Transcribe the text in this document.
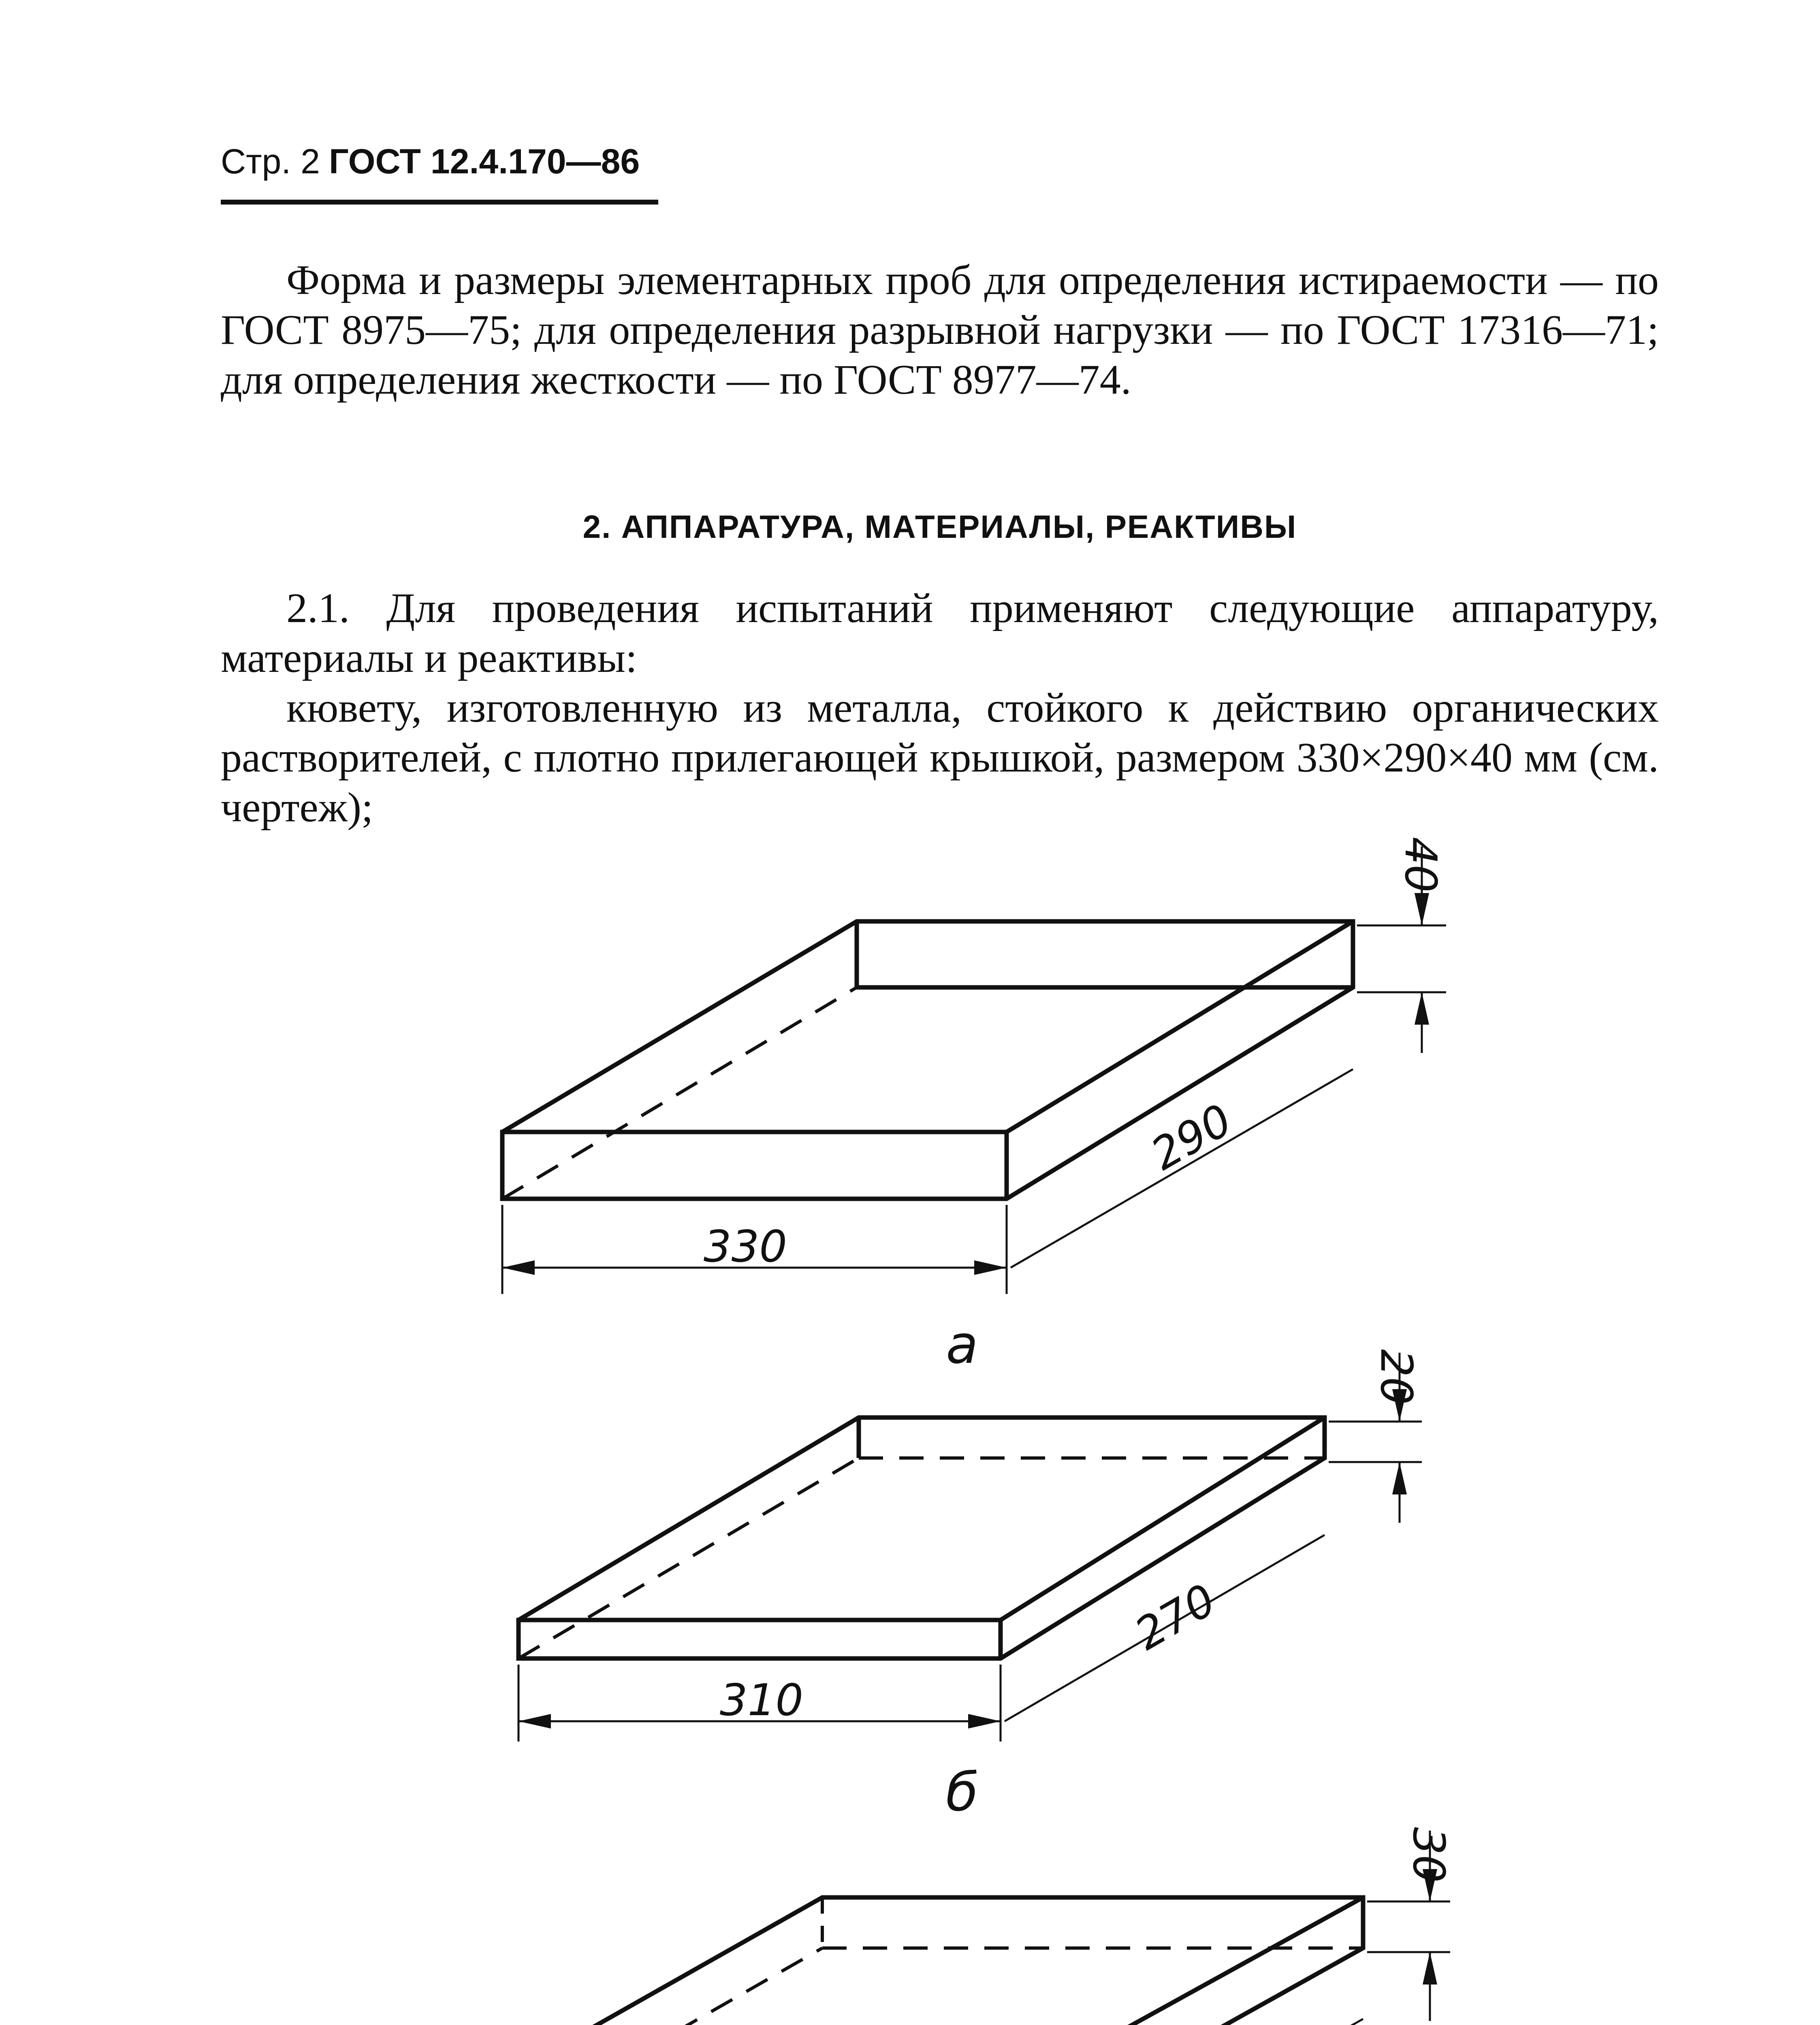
Стр. 2 ГОСТ 12.4.170—86

Форма и размеры элементарных проб для определения истираемости — по ГОСТ 8975—75; для определения разрывной нагрузки — по ГОСТ 17316—71; для определения жесткости — по ГОСТ 8977—74.

2. АППАРАТУРА, МАТЕРИАЛЫ, РЕАКТИВЫ

2.1. Для проведения испытаний применяют следующие аппаратуру, материалы и реактивы:

кювету, изготовленную из металла, стойкого к действию органических растворителей, с плотно прилегающей крышкой, размером 330×290×40 мм (см. чертеж);

330
290
40
а
310
270
20
б
30
